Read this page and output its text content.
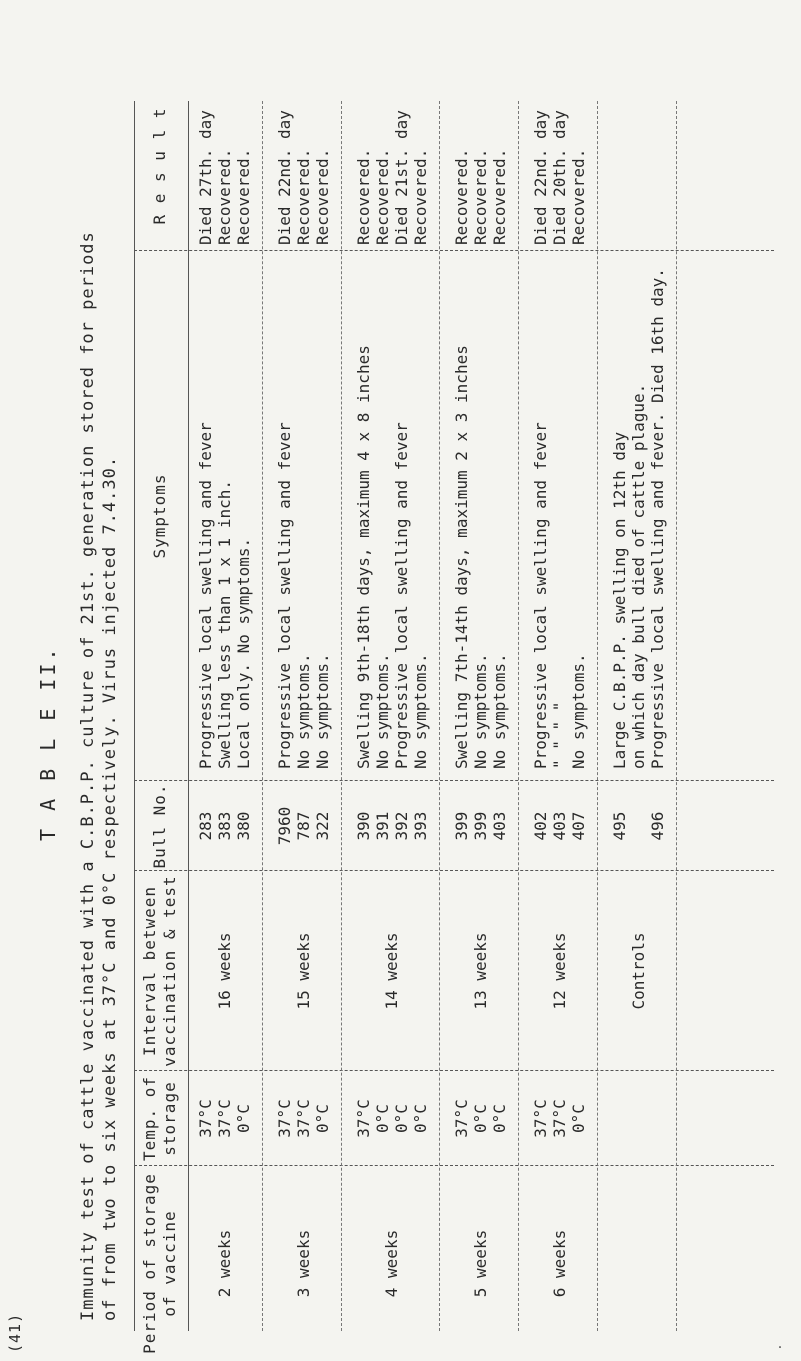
(41)
T A B L E II. Immunity test of cattle vaccinated with a C.B.P.P. culture of 21st. generation stored for periods of from two to six weeks at 37°C and 0°C respectively. Virus injected 7.4.30. Period of storage of vaccine
Temp. of storage
Interval between vaccination & test
Bull No.
Symptoms
R e s u l t
2 weeks
16 weeks
37°C
283
Progressive local swelling and fever
Died 27th. day
37°C
383
Swelling less than 1 x 1 inch.
Recovered.
0°C
380
Local only. No symptoms.
Recovered.
3 weeks
15 weeks
37°C
7960
Progressive local swelling and fever
Died 22nd. day
37°C
787
No symptoms.
Recovered.
0°C
322
No symptoms.
Recovered.
4 weeks
14 weeks
37°C
390
Swelling 9th-18th days, maximum 4 x 8 inches
Recovered.
0°C
391
No symptoms.
Recovered.
0°C
392
Progressive local swelling and fever
Died 21st. day
0°C
393
No symptoms.
Recovered.
5 weeks
13 weeks
37°C
399
Swelling 7th-14th days, maximum 2 x 3 inches
Recovered.
0°C
399
No symptoms.
Recovered.
0°C
403
No symptoms.
Recovered.
6 weeks
12 weeks
37°C
402
Progressive local swelling and fever
Died 22nd. day
37°C
403
" " " "
Died 20th. day
0°C
407
No symptoms.
Recovered.
Controls
495
Large C.B.P.P. swelling on 12th day on which day bull died of cattle plague.
496
Progressive local swelling and fever. Died 16th day.
.
